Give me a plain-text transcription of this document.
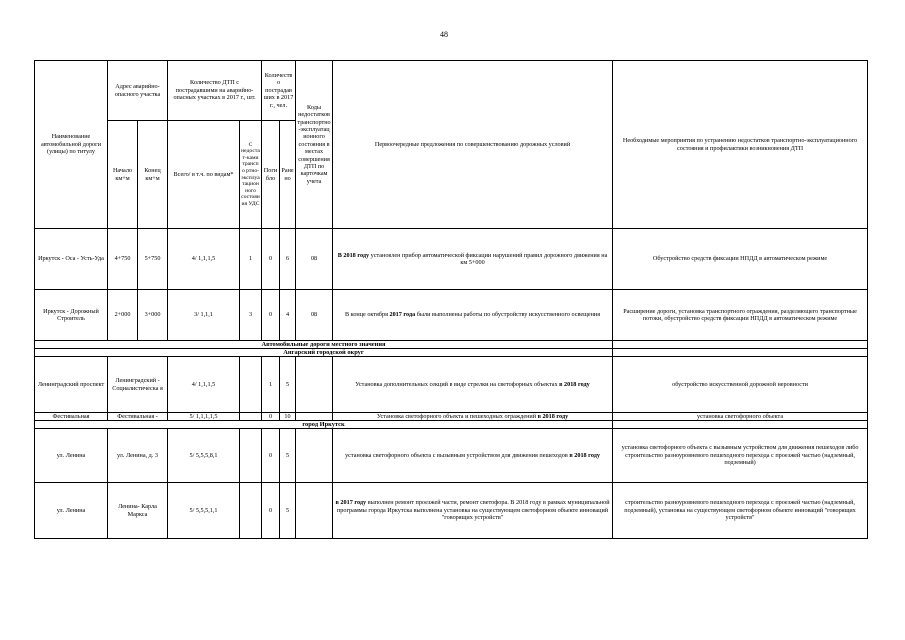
48
Наименование автомобильной дороги (улицы) по титулу	Адрес аварийно-опасного участка		Количество ДТП с пострадавшими на аварийно-опасных участках в 2017 г., шт.		Количеств о пострадав ших в 2017 г., чел.		Коды недостатков транспортно-эксплуатационного состояния в местах совершения ДТП по карточкам учета	Первоочередные предложения по совершенствованию дорожных условий	Необходимые мероприятия по устранению недостатков транспортно-эксплуатационного состояния и профилактики возникновения ДТП
	Начало км+м	Конец км+м	Всего/ в т.ч. по видам*	С недоста т-ками транспо ртно-эксплуа тацион ного состоян ия УДС	Погибло	Ранено			
Иркутск - Оса - Усть-Уда	4+750	5+750	4/ 1,1,1,5	1	0	6	08	В 2018 году установлен прибор автоматической фиксации нарушений правил дорожного движения на км 5+000	Обустройство средств фиксации НПДД в автоматическом режиме
Иркутск - Дорожный Строитель	2+000	3+000	3/ 1,1,1	3	0	4	08	В конце октября 2017 года были выполнены работы по обустройству искусственного освещения	Расширение дороги, установка транспортного ограждения, разделяющего транспортные потоки, обустройство средств фиксации НПДД в автоматическом режиме
Автомобильные дороги местного значения									
Ангарский городской округ									
Ленинградский проспект	Ленинградский - Социалистическа я		4/ 1,1,1,5		1	5		Установка дополнительных секций в виде стрелки на светофорных объектах в 2018 году	обустройство искусственной дорожной неровности
Фестивальная	Фестивальная -		5/ 1,1,1,1,5		0	10		Установка светофорного объекта и пешеходных ограждений в 2018 году	установка светофорного объекта
город Иркутск									
ул. Ленина	ул. Ленина, д. 3		5/ 5,5,5,8,1		0	5		установка светофорного объекта с вызывным устройством для движения пешеходов в 2018 году	установка светофорного объекта с вызывным устройством для движения пешеходов либо строительство разноуровневого пешеходного перехода с проезжей частью (надземный, подземный)
ул. Ленина	Ленина- Карла Маркса		5/ 5,5,5,1,1		0	5		в 2017 году выполнен ремонт проезжей части, ремонт светофора. В 2018 году в рамках муниципальной программы города Иркутска выполнена установка на существующем светофорном объекте инноваций "говорящих устройств"	строительство разноуровневого пешеходного перехода с проезжей частью (надземный, подземный), установка на существующем светофорном объекте инноваций "говорящих устройств"
